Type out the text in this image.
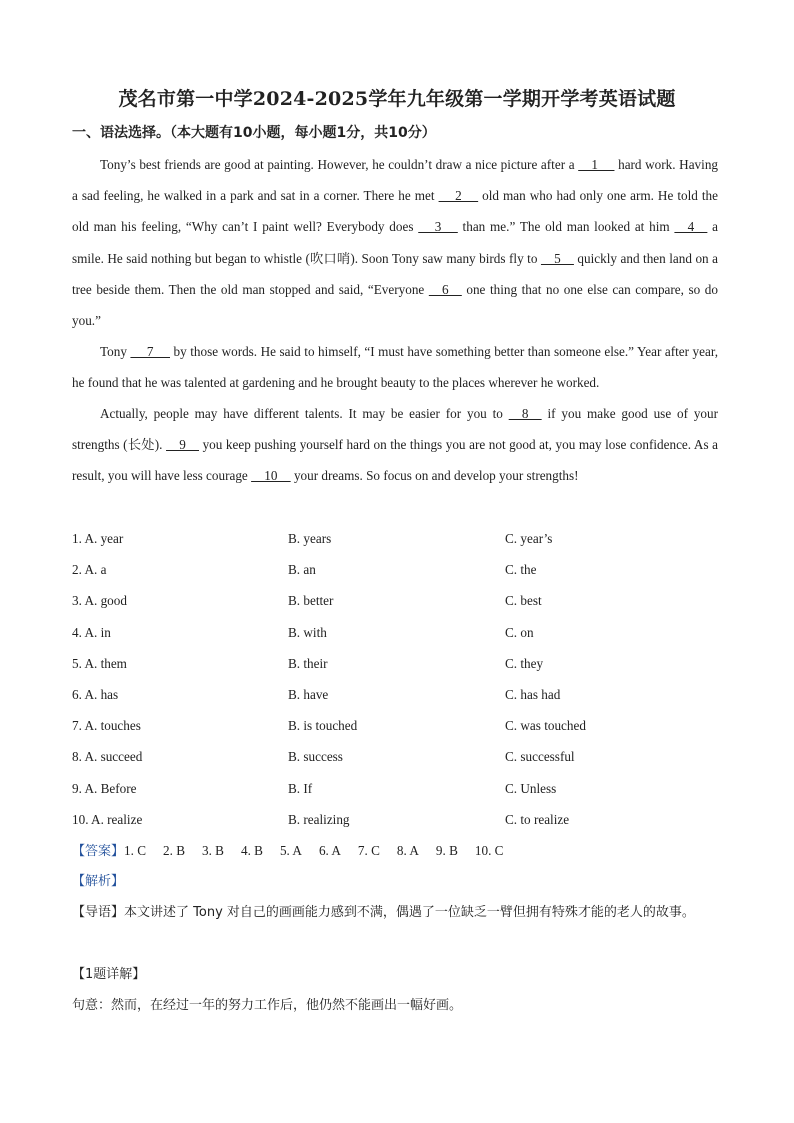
茂名市第一中学2024-2025学年九年级第一学期开学考英语试题
一、语法选择。（本大题有10小题，每小题1分，共10分）

Tony’s best friends are good at painting. However, he couldn’t draw a nice picture after a     1      hard work. Having a sad feeling, he walked in a park and sat in a corner. There he met      2      old man who had only one arm. He told the old man his feeling, “Why can’t I paint well? Everybody does      3      than me.” The old man looked at him     4     a smile. He said nothing but began to whistle (吹口哨). Soon Tony saw many birds fly to     5     quickly and then land on a tree beside them. Then the old man stopped and said, “Everyone     6     one thing that no one else can compare, so do you.”

Tony      7      by those words. He said to himself, “I must have something better than someone else.” Year after year, he found that he was talented at gardening and he brought beauty to the places wherever he worked.

Actually, people may have different talents. It may be easier for you to     8     if you make good use of your strengths (长处).     9     you keep pushing yourself hard on the things you are not good at, you may lose confidence. As a result, you will have less courage     10     your dreams. So focus on and develop your strengths!

1. A. year	B. years	C. year’s
2. A. a	B. an	C. the
3. A. good	B. better	C. best
4. A. in	B. with	C. on
5. A. them	B. their	C. they
6. A. has	B. have	C. has had
7. A. touches	B. is touched	C. was touched
8. A. succeed	B. success	C. successful
9. A. Before	B. If	C. Unless
10. A. realize	B. realizing	C. to realize
【答案】1. C 2. B 3. B 4. B 5. A 6. A 7. C 8. A 9. B 10. C
【解析】

【导语】本文讲述了 Tony 对自己的画画能力感到不满，偶遇了一位缺乏一臂但拥有特殊才能的老人的故事。

【1题详解】
句意：然而，在经过一年的努力工作后，他仍然不能画出一幅好画。
